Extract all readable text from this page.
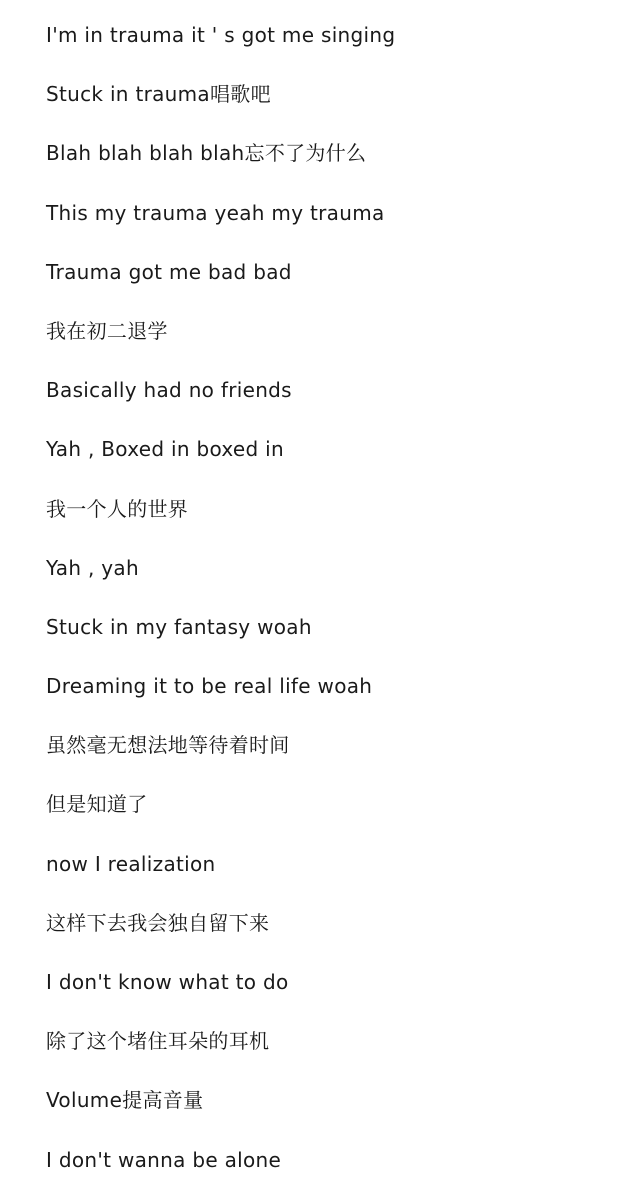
I'm in trauma it ' s got me singing
Stuck in trauma唱歌吧
Blah blah blah blah忘不了为什么
This my trauma yeah my trauma
Trauma got me bad bad
我在初二退学
Basically had no friends
Yah , Boxed in boxed in
我一个人的世界
Yah , yah
Stuck in my fantasy woah
Dreaming it to be real life woah
虽然毫无想法地等待着时间
但是知道了
now I realization
这样下去我会独自留下来
I don't know what to do
除了这个堵住耳朵的耳机
Volume提高音量
I don't wanna be alone
